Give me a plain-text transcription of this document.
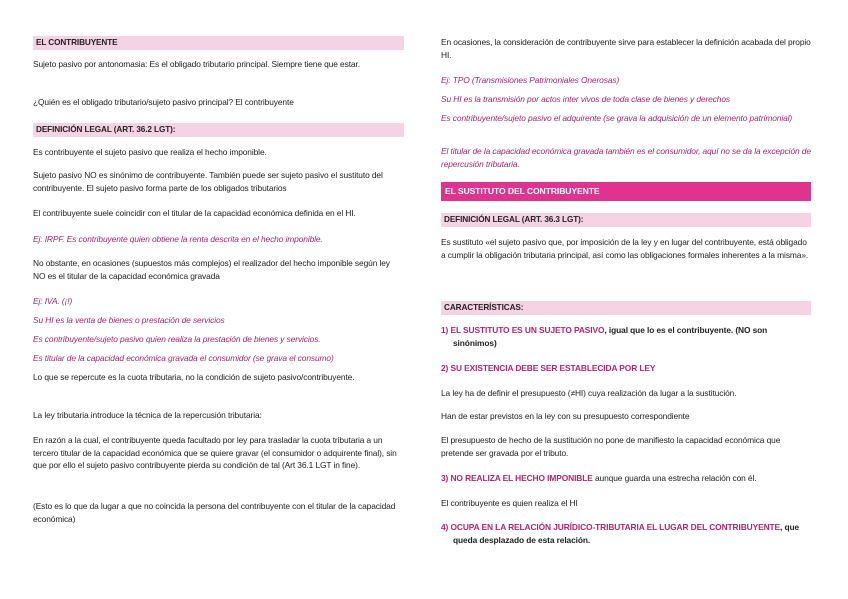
EL CONTRIBUYENTE
Sujeto pasivo por antonomasia: Es el obligado tributario principal. Siempre tiene que estar.
¿Quién es el obligado tributario/sujeto pasivo principal? El contribuyente
DEFINICIÓN LEGAL (ART. 36.2 LGT):
Es contribuyente el sujeto pasivo que realiza el hecho imponible.
Sujeto pasivo NO es sinónimo de contribuyente. También puede ser sujeto pasivo el sustituto del contribuyente. El sujeto pasivo forma parte de los obligados tributarios
El contribuyente suele coincidir con el titular de la capacidad económica definida en el HI.
Ej: IRPF. Es contribuyente quien obtiene la renta descrita en el hecho imponible.
No obstante, en ocasiones (supuestos más complejos) el realizador del hecho imponible según ley NO es el titular de la capacidad económica gravada
Ej: IVA. (¡!)
Su HI es la venta de bienes o prestación de servicios
Es contribuyente/sujeto pasivo quien realiza la prestación de bienes y servicios.
Es titular de la capacidad económica gravada el consumidor (se grava el consumo)
Lo que se repercute es la cuota tributaria, no la condición de sujeto pasivo/contribuyente.
La ley tributaria introduce la técnica de la repercusión tributaria:
En razón a la cual, el contribuyente queda facultado por ley para trasladar la cuota tributaria a un tercero titular de la capacidad económica que se quiere gravar (el consumidor o adquirente final), sin que por ello el sujeto pasivo contribuyente pierda su condición de tal (Art 36.1 LGT in fine).
(Esto es lo que da lugar a que no coincida la persona del contribuyente con el titular de la capacidad económica)
En ocasiones, la consideración de contribuyente sirve para establecer la definición acabada del propio HI.
Ej: TPO (Transmisiones Patrimoniales Onerosas)
Su HI es la transmisión por actos inter vivos de toda clase de bienes y derechos
Es contribuyente/sujeto pasivo el adquirente (se grava la adquisición de un elemento patrimonial)
El titular de la capacidad económica gravada también es el consumidor, aquí no se da la excepción de repercusión tributaria.
EL SUSTITUTO DEL CONTRIBUYENTE
DEFINICIÓN LEGAL (ART. 36.3 LGT):
Es sustituto «el sujeto pasivo que, por imposición de la ley y en lugar del contribuyente, está obligado a cumplir la obligación tributaria principal, así como las obligaciones formales inherentes a la misma».
CARACTERÍSTICAS:
1) EL SUSTITUTO ES UN SUJETO PASIVO, igual que lo es el contribuyente. (NO son sinónimos)
2) SU EXISTENCIA DEBE SER ESTABLECIDA POR LEY
La ley ha de definir el presupuesto (≠HI) cuya realización da lugar a la sustitución.
Han de estar previstos en la ley con su presupuesto correspondiente
El presupuesto de hecho de la sustitución no pone de manifiesto la capacidad económica que pretende ser gravada por el tributo.
3) NO REALIZA EL HECHO IMPONIBLE aunque guarda una estrecha relación con él.
El contribuyente es quien realiza el HI
4) OCUPA EN LA RELACIÓN JURÍDICO-TRIBUTARIA EL LUGAR DEL CONTRIBUYENTE, que queda desplazado de esta relación.
